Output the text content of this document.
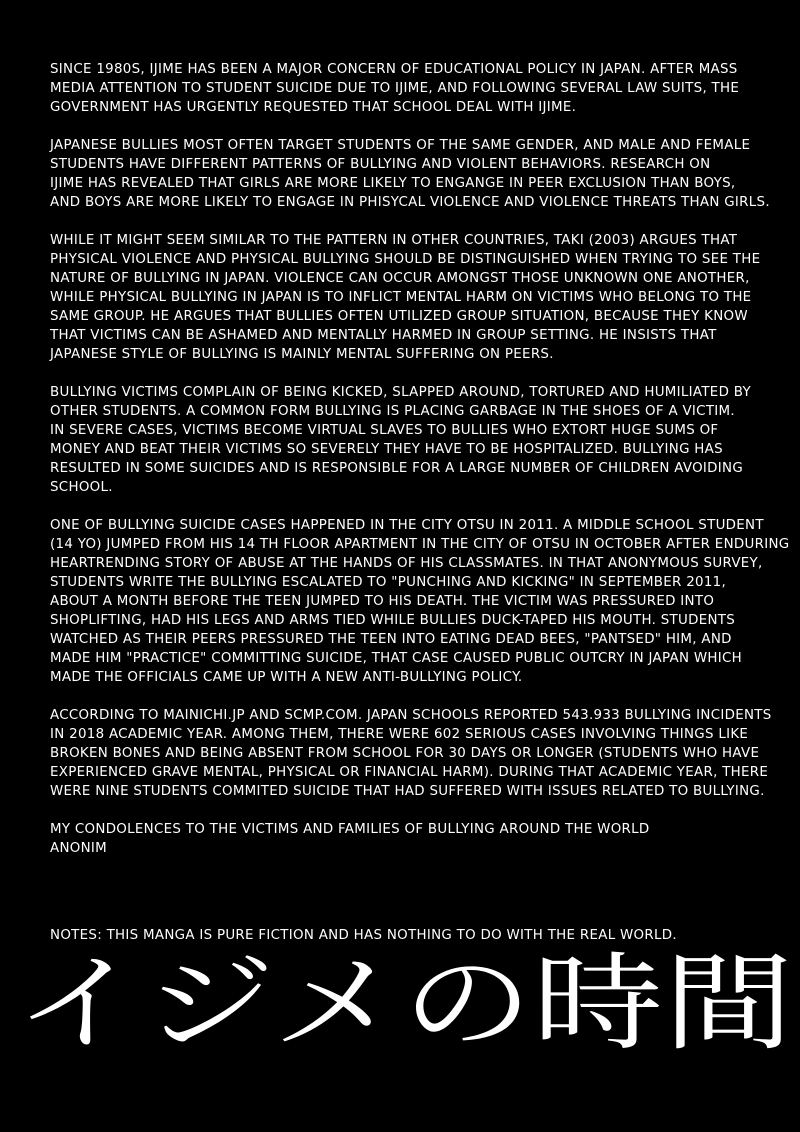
SINCE 1980S, IJIME HAS BEEN A MAJOR CONCERN OF EDUCATIONAL POLICY IN JAPAN. AFTER MASS
MEDIA ATTENTION TO STUDENT SUICIDE DUE TO IJIME, AND FOLLOWING SEVERAL LAW SUITS, THE
GOVERNMENT HAS URGENTLY REQUESTED THAT SCHOOL DEAL WITH IJIME.

JAPANESE BULLIES MOST OFTEN TARGET STUDENTS OF THE SAME GENDER, AND MALE AND FEMALE
STUDENTS HAVE DIFFERENT PATTERNS OF BULLYING AND VIOLENT BEHAVIORS. RESEARCH ON
IJIME HAS REVEALED THAT GIRLS ARE MORE LIKELY TO ENGANGE IN PEER EXCLUSION THAN BOYS,
AND BOYS ARE MORE LIKELY TO ENGAGE IN PHISYCAL VIOLENCE AND VIOLENCE THREATS THAN GIRLS.

WHILE IT MIGHT SEEM SIMILAR TO THE PATTERN IN OTHER COUNTRIES, TAKI (2003) ARGUES THAT
PHYSICAL VIOLENCE AND PHYSICAL BULLYING SHOULD BE DISTINGUISHED WHEN TRYING TO SEE THE
NATURE OF BULLYING IN JAPAN. VIOLENCE CAN OCCUR AMONGST THOSE UNKNOWN ONE ANOTHER,
WHILE PHYSICAL BULLYING IN JAPAN IS TO INFLICT MENTAL HARM ON VICTIMS WHO BELONG TO THE
SAME GROUP. HE ARGUES THAT BULLIES OFTEN UTILIZED GROUP SITUATION, BECAUSE THEY KNOW
THAT VICTIMS CAN BE ASHAMED AND MENTALLY HARMED IN GROUP SETTING. HE INSISTS THAT
JAPANESE STYLE OF BULLYING IS MAINLY MENTAL SUFFERING ON PEERS.

BULLYING VICTIMS COMPLAIN OF BEING KICKED, SLAPPED AROUND, TORTURED AND HUMILIATED BY
OTHER STUDENTS. A COMMON FORM BULLYING IS PLACING GARBAGE IN THE SHOES OF A VICTIM.
IN SEVERE CASES, VICTIMS BECOME VIRTUAL SLAVES TO BULLIES WHO EXTORT HUGE SUMS OF
MONEY AND BEAT THEIR VICTIMS SO SEVERELY THEY HAVE TO BE HOSPITALIZED. BULLYING HAS
RESULTED IN SOME SUICIDES AND IS RESPONSIBLE FOR A LARGE NUMBER OF CHILDREN AVOIDING
SCHOOL.

ONE OF BULLYING SUICIDE CASES HAPPENED IN THE CITY OTSU IN 2011. A MIDDLE SCHOOL STUDENT
(14 YO) JUMPED FROM HIS 14 TH FLOOR APARTMENT IN THE CITY OF OTSU IN OCTOBER AFTER ENDURING
HEARTRENDING STORY OF ABUSE AT THE HANDS OF HIS CLASSMATES. IN THAT ANONYMOUS SURVEY,
STUDENTS WRITE THE BULLYING ESCALATED TO "PUNCHING AND KICKING" IN SEPTEMBER 2011,
ABOUT A MONTH BEFORE THE TEEN JUMPED TO HIS DEATH. THE VICTIM WAS PRESSURED INTO
SHOPLIFTING, HAD HIS LEGS AND ARMS TIED WHILE BULLIES DUCK-TAPED HIS MOUTH. STUDENTS
WATCHED AS THEIR PEERS PRESSURED THE TEEN INTO EATING DEAD BEES, "PANTSED" HIM, AND
MADE HIM "PRACTICE" COMMITTING SUICIDE, THAT CASE CAUSED PUBLIC OUTCRY IN JAPAN WHICH
MADE THE OFFICIALS CAME UP WITH A NEW ANTI-BULLYING POLICY.

ACCORDING TO MAINICHI.JP AND SCMP.COM. JAPAN SCHOOLS REPORTED 543.933 BULLYING INCIDENTS
IN 2018 ACADEMIC YEAR. AMONG THEM, THERE WERE 602 SERIOUS CASES INVOLVING THINGS LIKE
BROKEN BONES AND BEING ABSENT FROM SCHOOL FOR 30 DAYS OR LONGER (STUDENTS WHO HAVE
EXPERIENCED GRAVE MENTAL, PHYSICAL OR FINANCIAL HARM). DURING THAT ACADEMIC YEAR, THERE
WERE NINE STUDENTS COMMITED SUICIDE THAT HAD SUFFERED WITH ISSUES RELATED TO BULLYING.

MY CONDOLENCES TO THE VICTIMS AND FAMILIES OF BULLYING AROUND THE WORLD
ANONIM

NOTES: THIS MANGA IS PURE FICTION AND HAS NOTHING TO DO WITH THE REAL WORLD.
イジメの時間
